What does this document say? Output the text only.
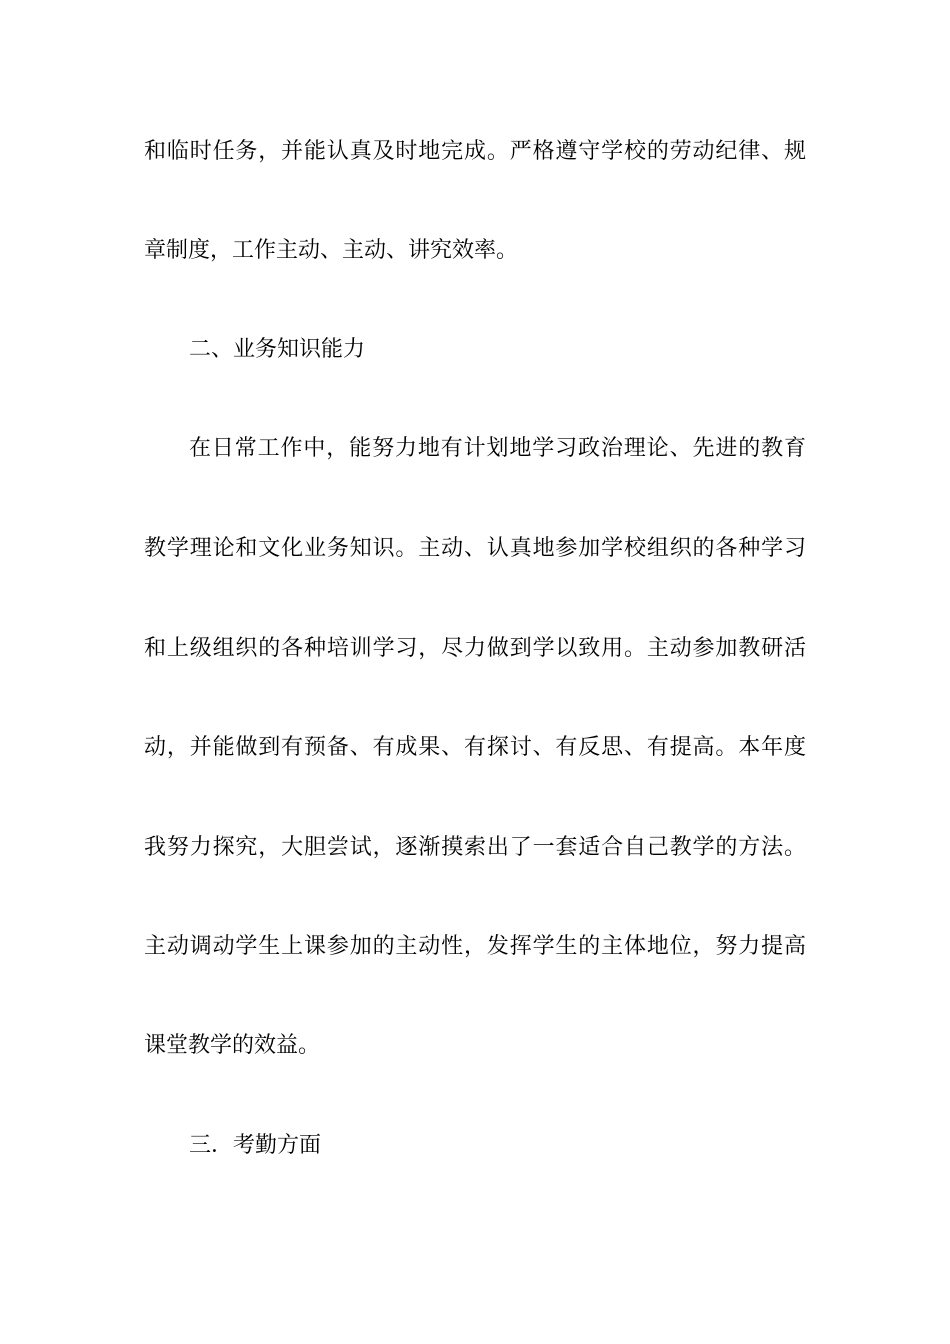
和临时任务，并能认真及时地完成。严格遵守学校的劳动纪律、规
章制度，工作主动、主动、讲究效率。
二、业务知识能力
在日常工作中，能努力地有计划地学习政治理论、先进的教育
教学理论和文化业务知识。主动、认真地参加学校组织的各种学习
和上级组织的各种培训学习，尽力做到学以致用。主动参加教研活
动，并能做到有预备、有成果、有探讨、有反思、有提高。本年度
我努力探究，大胆尝试，逐渐摸索出了一套适合自己教学的方法。
主动调动学生上课参加的主动性，发挥学生的主体地位，努力提高
课堂教学的效益。
三．考勤方面
